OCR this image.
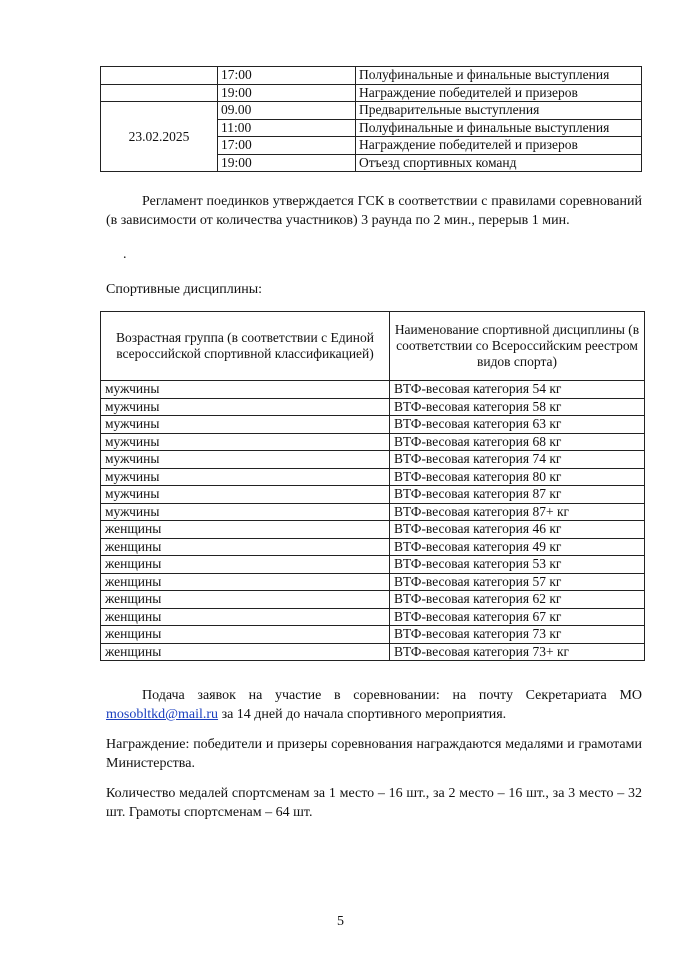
	17:00	Полуфинальные и финальные выступления
	19:00	Награждение победителей и призеров
23.02.2025	09.00	Предварительные выступления
	11:00	Полуфинальные и финальные выступления
	17:00	Награждение победителей и призеров
	19:00	Отъезд спортивных команд
Регламент поединков утверждается ГСК в соответствии с правилами соревнований (в зависимости от количества участников) 3 раунда по 2 мин., перерыв 1 мин.
.
Спортивные дисциплины:
Возрастная группа (в соответствии с Единой всероссийской спортивной классификацией)	Наименование спортивной дисциплины (в соответствии со Всероссийским реестром видов спорта)
мужчины	ВТФ-весовая категория 54 кг
мужчины	ВТФ-весовая категория 58 кг
мужчины	ВТФ-весовая категория 63 кг
мужчины	ВТФ-весовая категория 68 кг
мужчины	ВТФ-весовая категория 74 кг
мужчины	ВТФ-весовая категория 80 кг
мужчины	ВТФ-весовая категория 87 кг
мужчины	ВТФ-весовая категория 87+ кг
женщины	ВТФ-весовая категория 46 кг
женщины	ВТФ-весовая категория 49 кг
женщины	ВТФ-весовая категория 53 кг
женщины	ВТФ-весовая категория 57 кг
женщины	ВТФ-весовая категория 62 кг
женщины	ВТФ-весовая категория 67 кг
женщины	ВТФ-весовая категория 73 кг
женщины	ВТФ-весовая категория 73+ кг
Подача заявок на участие в соревновании: на почту Секретариата МО mosobltkd@mail.ru за 14 дней до начала спортивного мероприятия.
Награждение: победители и призеры соревнования награждаются медалями и грамотами Министерства.
Количество медалей спортсменам за 1 место – 16 шт., за 2 место – 16 шт., за 3 место – 32 шт. Грамоты спортсменам – 64 шт.
5
